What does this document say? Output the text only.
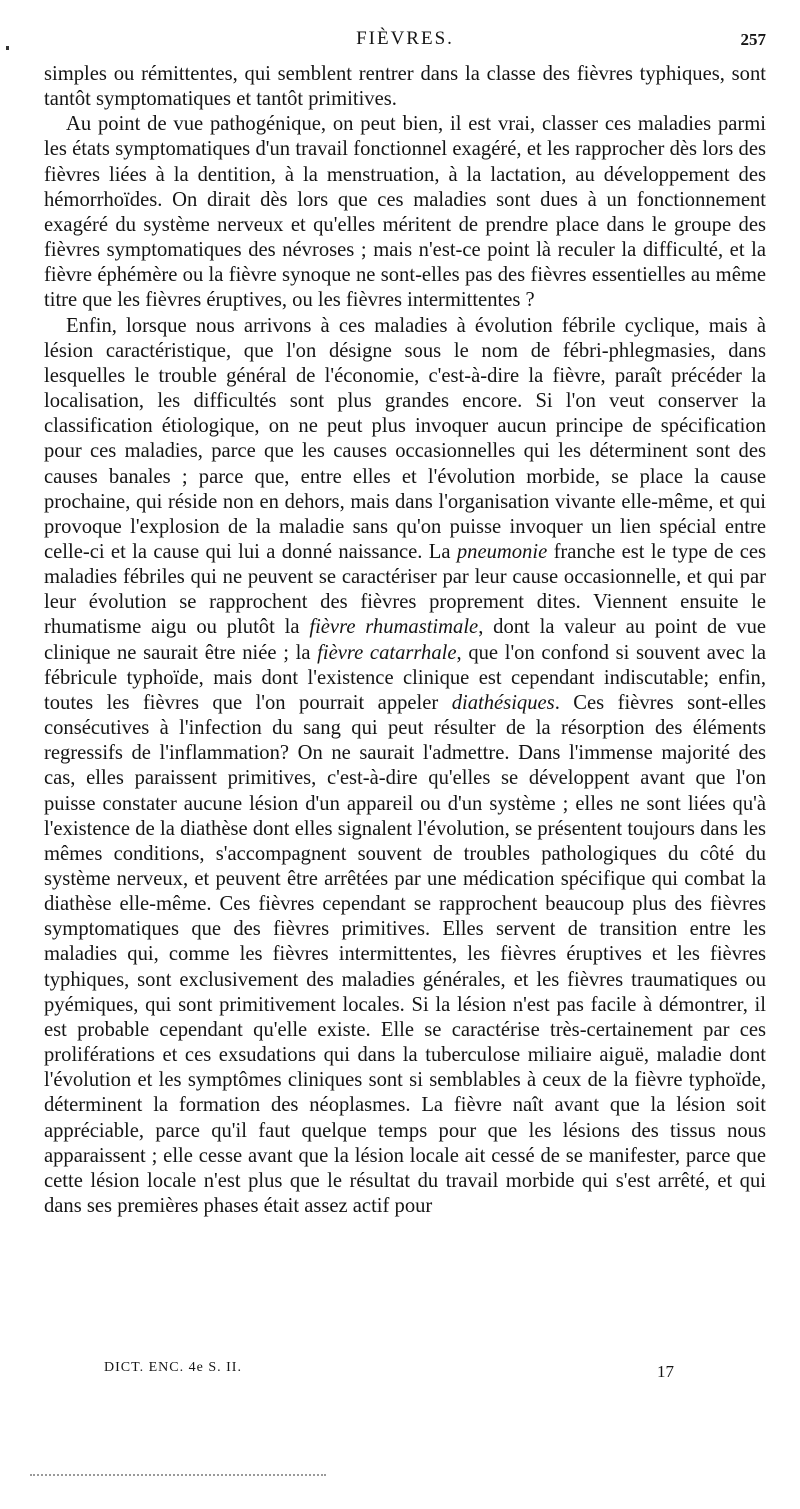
FIÈVRES.	257

simples ou rémittentes, qui semblent rentrer dans la classe des fièvres typhiques, sont tantôt symptomatiques et tantôt primitives.

Au point de vue pathogénique, on peut bien, il est vrai, classer ces maladies parmi les états symptomatiques d'un travail fonctionnel exagéré, et les rapprocher dès lors des fièvres liées à la dentition, à la menstruation, à la lactation, au développement des hémorrhoïdes. On dirait dès lors que ces maladies sont dues à un fonctionnement exagéré du système nerveux et qu'elles méritent de prendre place dans le groupe des fièvres symptomatiques des névroses ; mais n'est-ce point là reculer la difficulté, et la fièvre éphémère ou la fièvre synoque ne sont-elles pas des fièvres essentielles au même titre que les fièvres éruptives, ou les fièvres intermittentes ?

Enfin, lorsque nous arrivons à ces maladies à évolution fébrile cyclique, mais à lésion caractéristique, que l'on désigne sous le nom de fébri-phlegmasies, dans lesquelles le trouble général de l'économie, c'est-à-dire la fièvre, paraît précéder la localisation, les difficultés sont plus grandes encore. Si l'on veut conserver la classification étiologique, on ne peut plus invoquer aucun principe de spécification pour ces maladies, parce que les causes occasionnelles qui les déterminent sont des causes banales ; parce que, entre elles et l'évolution morbide, se place la cause prochaine, qui réside non en dehors, mais dans l'organisation vivante elle-même, et qui provoque l'explosion de la maladie sans qu'on puisse invoquer un lien spécial entre celle-ci et la cause qui lui a donné naissance. La pneumonie franche est le type de ces maladies fébriles qui ne peuvent se caractériser par leur cause occasionnelle, et qui par leur évolution se rapprochent des fièvres proprement dites. Viennent ensuite le rhumatisme aigu ou plutôt la fièvre rhumastimale, dont la valeur au point de vue clinique ne saurait être niée ; la fièvre catarrhale, que l'on confond si souvent avec la fébricule typhoïde, mais dont l'existence clinique est cependant indiscutable; enfin, toutes les fièvres que l'on pourrait appeler diathésiques. Ces fièvres sont-elles consécutives à l'infection du sang qui peut résulter de la résorption des éléments regressifs de l'inflammation? On ne saurait l'admettre. Dans l'immense majorité des cas, elles paraissent primitives, c'est-à-dire qu'elles se développent avant que l'on puisse constater aucune lésion d'un appareil ou d'un système ; elles ne sont liées qu'à l'existence de la diathèse dont elles signalent l'évolution, se présentent toujours dans les mêmes conditions, s'accompagnent souvent de troubles pathologiques du côté du système nerveux, et peuvent être arrêtées par une médication spécifique qui combat la diathèse elle-même. Ces fièvres cependant se rapprochent beaucoup plus des fièvres symptomatiques que des fièvres primitives. Elles servent de transition entre les maladies qui, comme les fièvres intermittentes, les fièvres éruptives et les fièvres typhiques, sont exclusivement des maladies générales, et les fièvres traumatiques ou pyémiques, qui sont primitivement locales. Si la lésion n'est pas facile à démontrer, il est probable cependant qu'elle existe. Elle se caractérise très-certainement par ces proliférations et ces exsudations qui dans la tuberculose miliaire aiguë, maladie dont l'évolution et les symptômes cliniques sont si semblables à ceux de la fièvre typhoïde, déterminent la formation des néoplasmes. La fièvre naît avant que la lésion soit appréciable, parce qu'il faut quelque temps pour que les lésions des tissus nous apparaissent ; elle cesse avant que la lésion locale ait cessé de se manifester, parce que cette lésion locale n'est plus que le résultat du travail morbide qui s'est arrêté, et qui dans ses premières phases était assez actif pour

DICT. ENC. 4e S. II.	17
